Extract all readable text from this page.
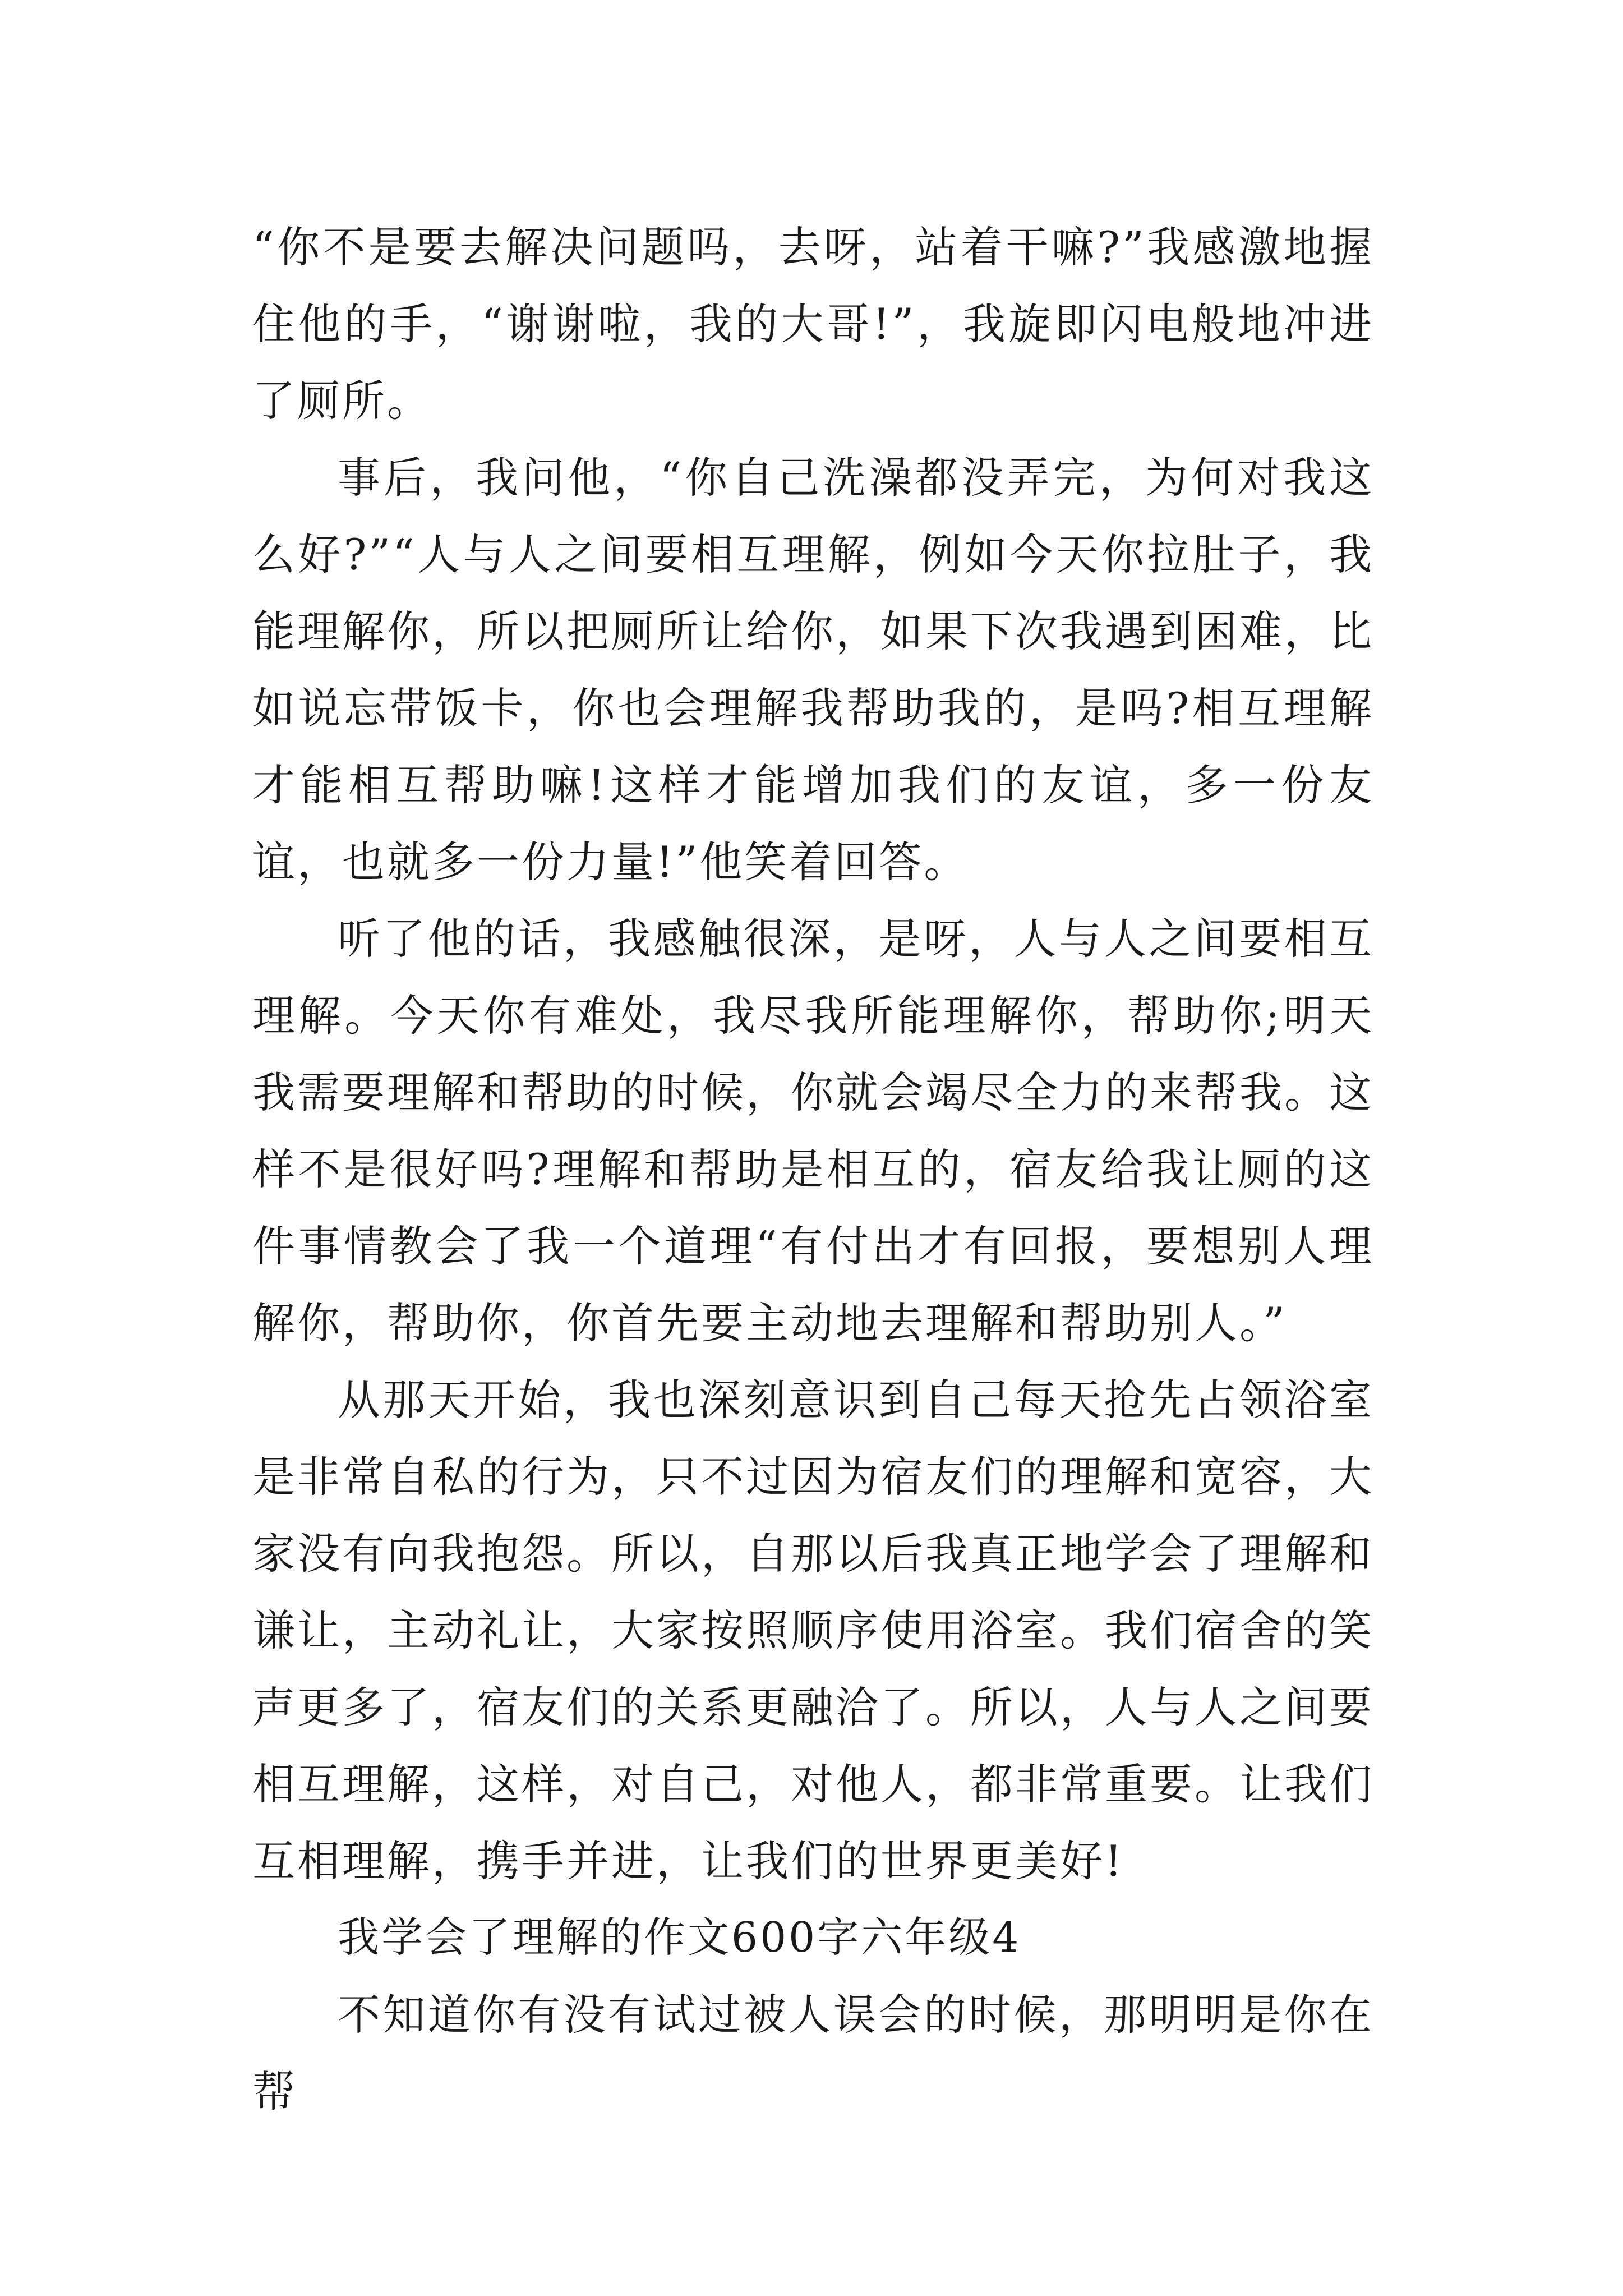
“你不是要去解决问题吗，去呀，站着干嘛?”我感激地握住他的手，“谢谢啦，我的大哥!”，我旋即闪电般地冲进了厕所。

事后，我问他，“你自己洗澡都没弄完，为何对我这么好?”“人与人之间要相互理解，例如今天你拉肚子，我能理解你，所以把厕所让给你，如果下次我遇到困难，比如说忘带饭卡，你也会理解我帮助我的，是吗?相互理解才能相互帮助嘛!这样才能增加我们的友谊，多一份友谊，也就多一份力量!”他笑着回答。

听了他的话，我感触很深，是呀，人与人之间要相互理解。今天你有难处，我尽我所能理解你，帮助你;明天我需要理解和帮助的时候，你就会竭尽全力的来帮我。这样不是很好吗?理解和帮助是相互的，宿友给我让厕的这件事情教会了我一个道理“有付出才有回报，要想别人理解你，帮助你，你首先要主动地去理解和帮助别人。”

从那天开始，我也深刻意识到自己每天抢先占领浴室是非常自私的行为，只不过因为宿友们的理解和宽容，大家没有向我抱怨。所以，自那以后我真正地学会了理解和谦让，主动礼让，大家按照顺序使用浴室。我们宿舍的笑声更多了，宿友们的关系更融洽了。所以，人与人之间要相互理解，这样，对自己，对他人，都非常重要。让我们互相理解，携手并进，让我们的世界更美好!

我学会了理解的作文600字六年级4

不知道你有没有试过被人误会的时候，那明明是你在帮
